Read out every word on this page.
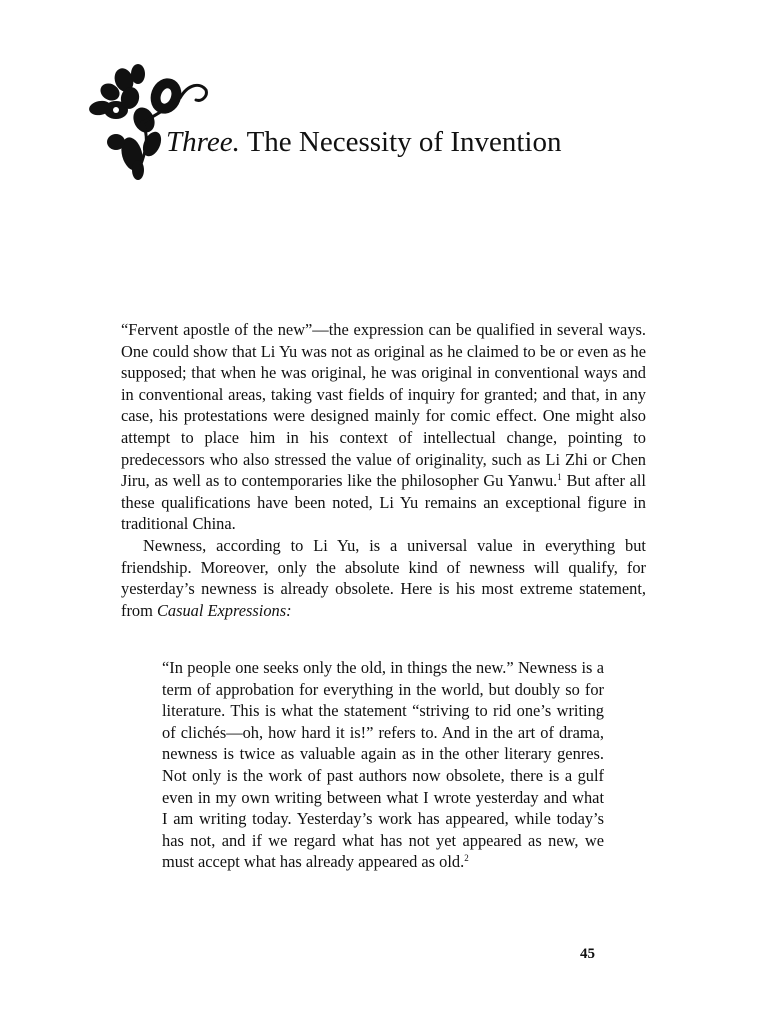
Three. The Necessity of Invention

“Fervent apostle of the new”—the expression can be qualified in several ways. One could show that Li Yu was not as original as he claimed to be or even as he supposed; that when he was original, he was original in conventional ways and in conventional areas, taking vast fields of inquiry for granted; and that, in any case, his protestations were designed mainly for comic effect. One might also attempt to place him in his context of intellectual change, pointing to predecessors who also stressed the value of originality, such as Li Zhi or Chen Jiru, as well as to contemporaries like the philosopher Gu Yanwu.$^1$ But after all these qualifications have been noted, Li Yu remains an exceptional figure in traditional China.

Newness, according to Li Yu, is a universal value in everything but friendship. Moreover, only the absolute kind of newness will qualify, for yesterday’s newness is already obsolete. Here is his most extreme statement, from Casual Expressions:

“In people one seeks only the old, in things the new.” Newness is a term of approbation for everything in the world, but doubly so for literature. This is what the statement “striving to rid one’s writing of clichés—oh, how hard it is!” refers to. And in the art of drama, newness is twice as valuable again as in the other literary genres. Not only is the work of past authors now obsolete, there is a gulf even in my own writing between what I wrote yesterday and what I am writing today. Yesterday’s work has appeared, while today’s has not, and if we regard what has not yet appeared as new, we must accept what has already appeared as old.$^2$

45
